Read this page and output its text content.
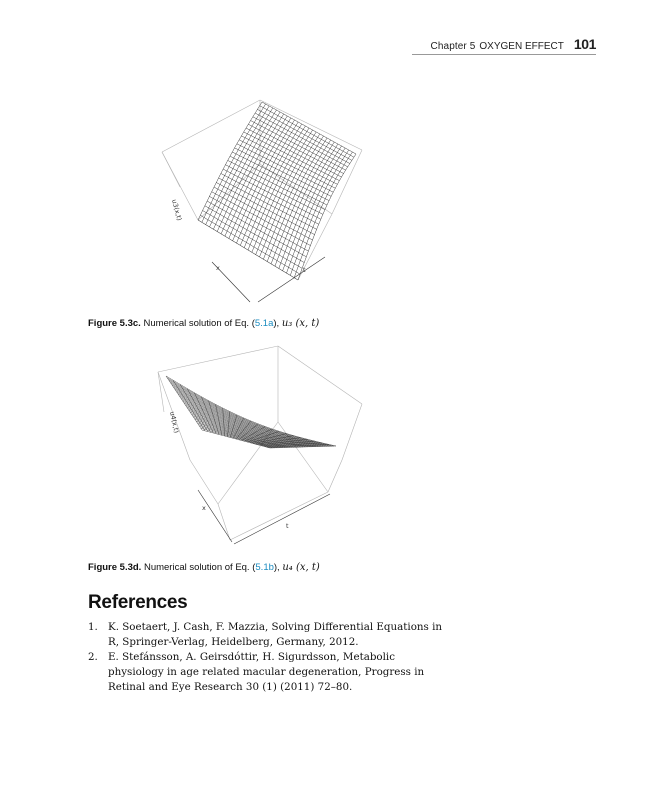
Chapter 5 OXYGEN EFFECT 101
u3(x,t)
x	t
Figure 5.3c. Numerical solution of Eq. (5.1a), u₃ (x, t)
u4(x,t)
x
t
Figure 5.3d. Numerical solution of Eq. (5.1b), u₄ (x, t)
References
1. K. Soetaert, J. Cash, F. Mazzia, Solving Differential Equations in R, Springer-Verlag, Heidelberg, Germany, 2012.
2. E. Stefánsson, A. Geirsdóttir, H. Sigurdsson, Metabolic physiology in age related macular degeneration, Progress in Retinal and Eye Research 30 (1) (2011) 72–80.
